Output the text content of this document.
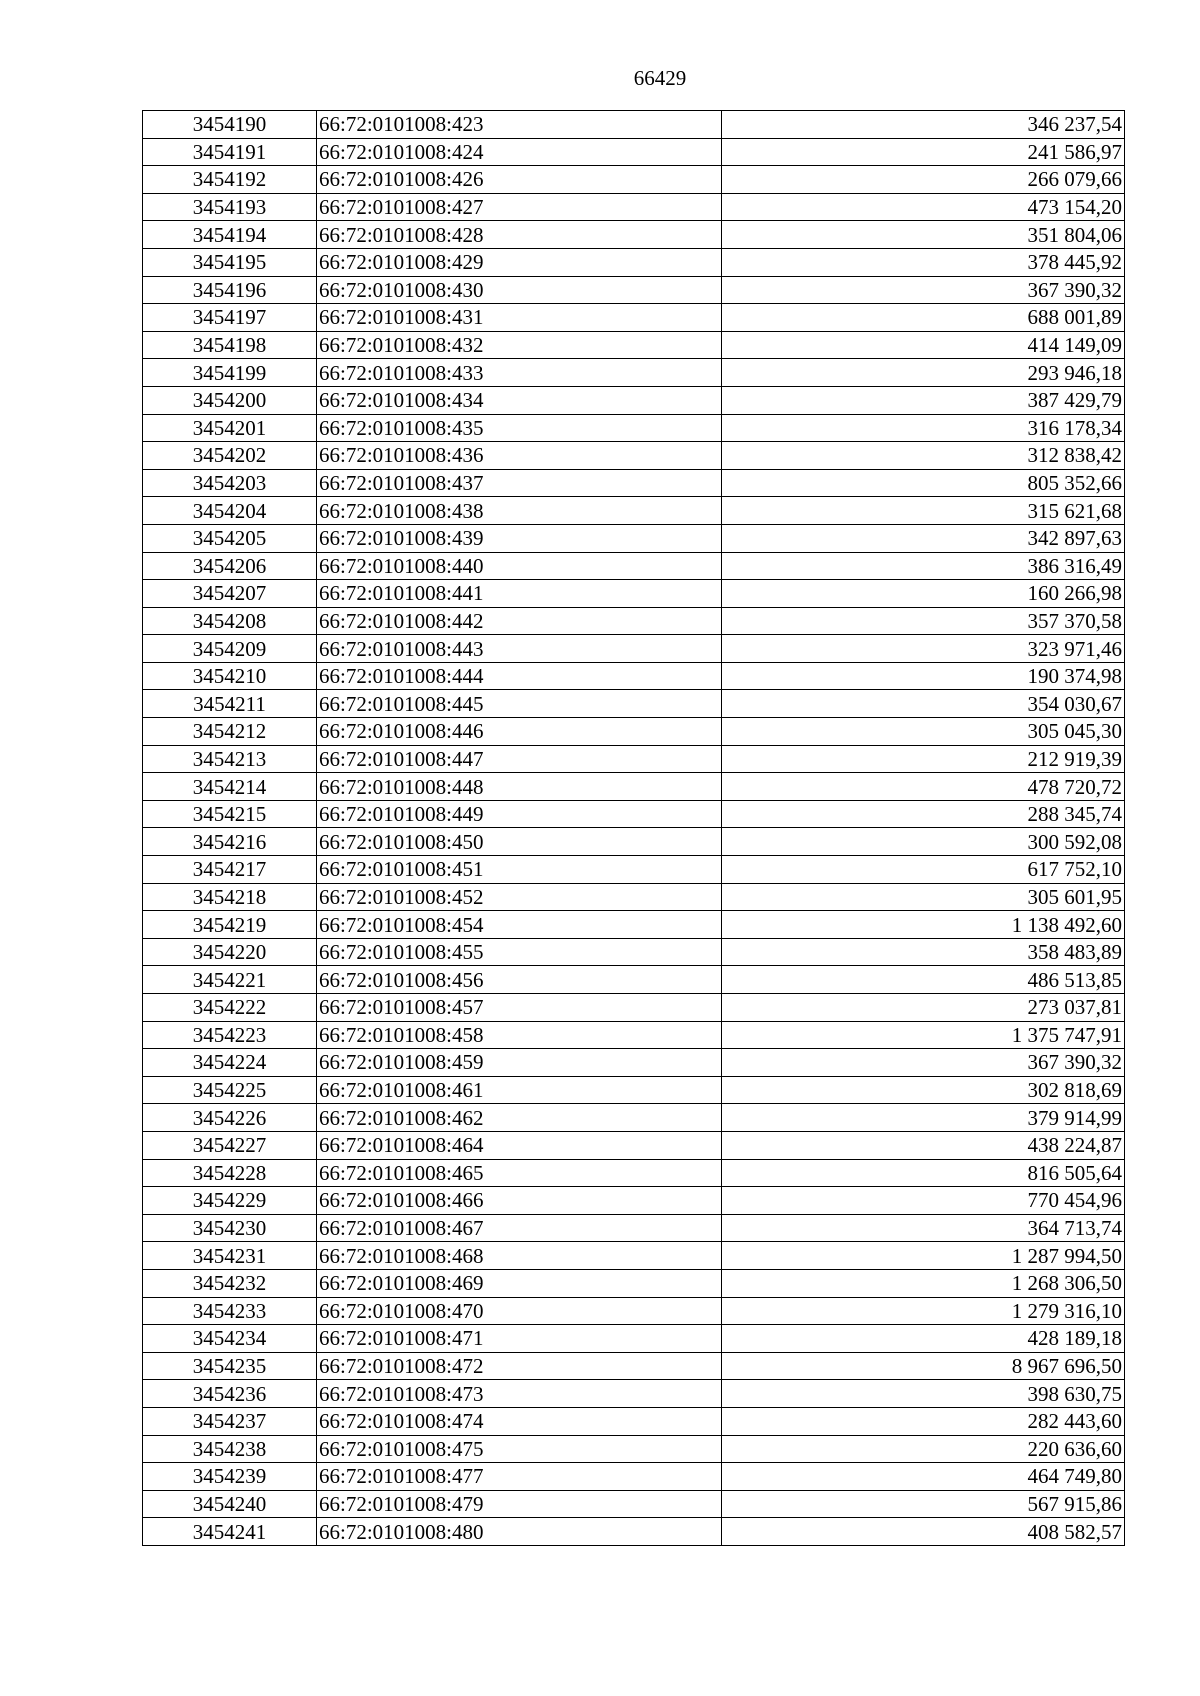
66429
3454190	66:72:0101008:423	346 237,54
3454191	66:72:0101008:424	241 586,97
3454192	66:72:0101008:426	266 079,66
3454193	66:72:0101008:427	473 154,20
3454194	66:72:0101008:428	351 804,06
3454195	66:72:0101008:429	378 445,92
3454196	66:72:0101008:430	367 390,32
3454197	66:72:0101008:431	688 001,89
3454198	66:72:0101008:432	414 149,09
3454199	66:72:0101008:433	293 946,18
3454200	66:72:0101008:434	387 429,79
3454201	66:72:0101008:435	316 178,34
3454202	66:72:0101008:436	312 838,42
3454203	66:72:0101008:437	805 352,66
3454204	66:72:0101008:438	315 621,68
3454205	66:72:0101008:439	342 897,63
3454206	66:72:0101008:440	386 316,49
3454207	66:72:0101008:441	160 266,98
3454208	66:72:0101008:442	357 370,58
3454209	66:72:0101008:443	323 971,46
3454210	66:72:0101008:444	190 374,98
3454211	66:72:0101008:445	354 030,67
3454212	66:72:0101008:446	305 045,30
3454213	66:72:0101008:447	212 919,39
3454214	66:72:0101008:448	478 720,72
3454215	66:72:0101008:449	288 345,74
3454216	66:72:0101008:450	300 592,08
3454217	66:72:0101008:451	617 752,10
3454218	66:72:0101008:452	305 601,95
3454219	66:72:0101008:454	1 138 492,60
3454220	66:72:0101008:455	358 483,89
3454221	66:72:0101008:456	486 513,85
3454222	66:72:0101008:457	273 037,81
3454223	66:72:0101008:458	1 375 747,91
3454224	66:72:0101008:459	367 390,32
3454225	66:72:0101008:461	302 818,69
3454226	66:72:0101008:462	379 914,99
3454227	66:72:0101008:464	438 224,87
3454228	66:72:0101008:465	816 505,64
3454229	66:72:0101008:466	770 454,96
3454230	66:72:0101008:467	364 713,74
3454231	66:72:0101008:468	1 287 994,50
3454232	66:72:0101008:469	1 268 306,50
3454233	66:72:0101008:470	1 279 316,10
3454234	66:72:0101008:471	428 189,18
3454235	66:72:0101008:472	8 967 696,50
3454236	66:72:0101008:473	398 630,75
3454237	66:72:0101008:474	282 443,60
3454238	66:72:0101008:475	220 636,60
3454239	66:72:0101008:477	464 749,80
3454240	66:72:0101008:479	567 915,86
3454241	66:72:0101008:480	408 582,57
